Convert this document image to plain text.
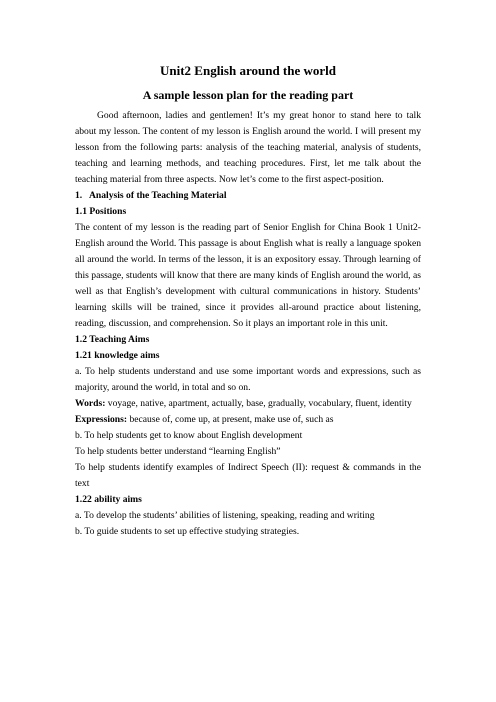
Unit2 English around the world
A sample lesson plan for the reading part

Good afternoon, ladies and gentlemen! It’s my great honor to stand here to talk about my lesson. The content of my lesson is English around the world. I will present my lesson from the following parts: analysis of the teaching material, analysis of students, teaching and learning methods, and teaching procedures. First, let me talk about the teaching material from three aspects. Now let’s come to the first aspect-position.

1. Analysis of the Teaching Material
1.1 Positions

The content of my lesson is the reading part of Senior English for China Book 1 Unit2-English around the World. This passage is about English what is really a language spoken all around the world. In terms of the lesson, it is an expository essay. Through learning of this passage, students will know that there are many kinds of English around the world, as well as that English’s development with cultural communications in history. Students’ learning skills will be trained, since it provides all-around practice about listening, reading, discussion, and comprehension. So it plays an important role in this unit.

1.2 Teaching Aims
1.21 knowledge aims

a. To help students understand and use some important words and expressions, such as majority, around the world, in total and so on.

Words: voyage, native, apartment, actually, base, gradually, vocabulary, fluent, identity

Expressions: because of, come up, at present, make use of, such as

b. To help students get to know about English development

To help students better understand “learning English”

To help students identify examples of Indirect Speech (II): request & commands in the text

1.22 ability aims

a. To develop the students’ abilities of listening, speaking, reading and writing

b. To guide students to set up effective studying strategies.
